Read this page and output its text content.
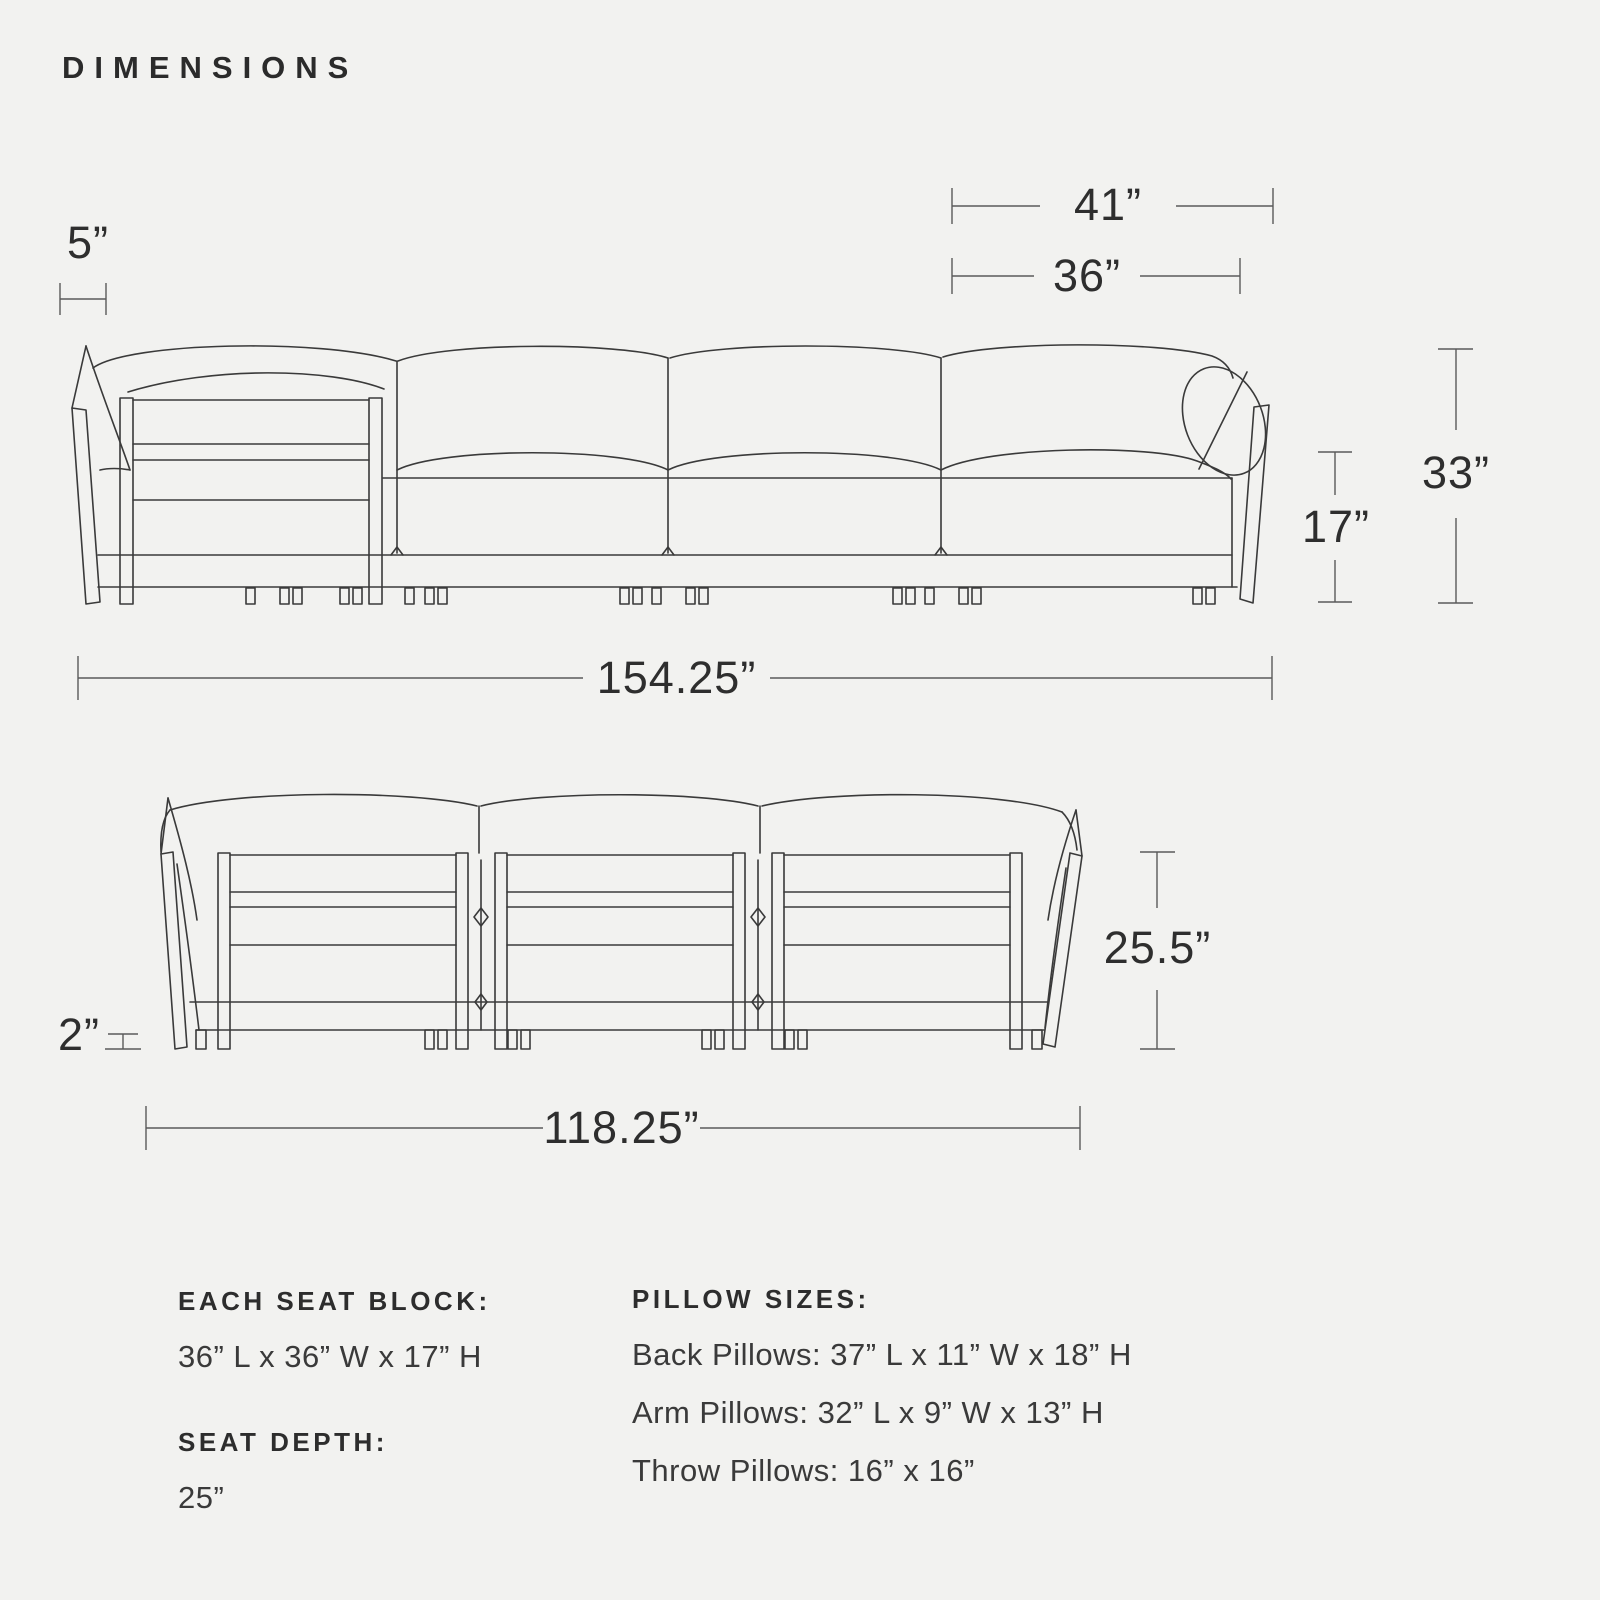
DIMENSIONS
5”
41”
36”
17”
33”
154.25”
2”
25.5”
118.25”
EACH SEAT BLOCK:
36” L x 36” W x 17” H
SEAT DEPTH:
25”
PILLOW SIZES:
Back Pillows: 37” L x 11” W x 18” H
Arm Pillows: 32” L x 9” W x 13” H
Throw Pillows: 16” x 16”
